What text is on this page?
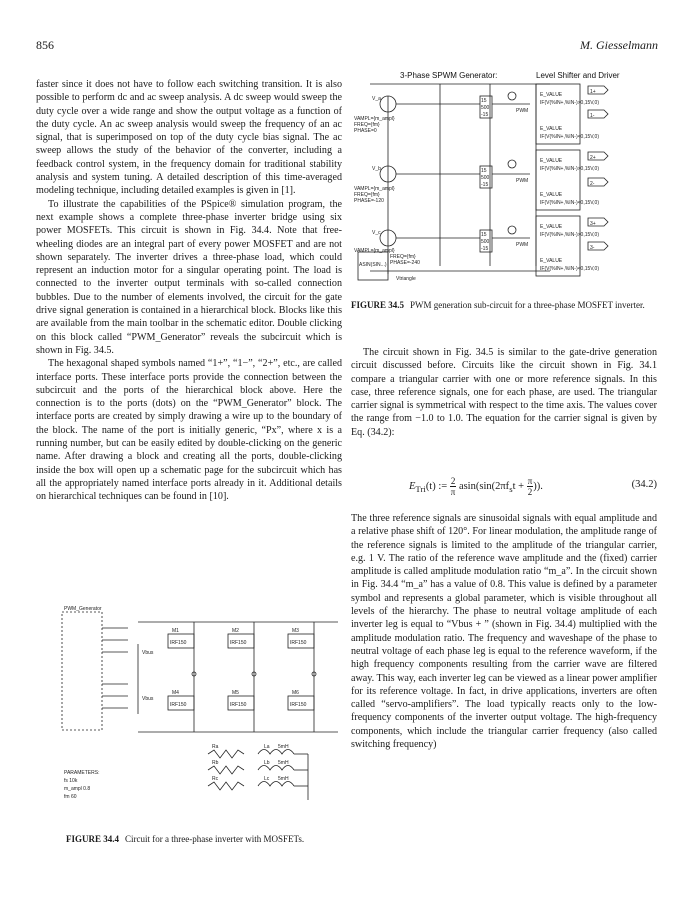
856	M. Giesselmann

faster since it does not have to follow each switching transition. It is also possible to perform dc and ac sweep analysis. A dc sweep would sweep the duty cycle over a wide range and show the output voltage as a function of the duty cycle. An ac sweep analysis would sweep the frequency of an ac signal, that is superimposed on top of the duty cycle bias signal. The ac sweep allows the study of the behavior of the converter, including a feedback control system, in the frequency domain for traditional stability analysis and system tuning. A detailed description of this time-averaged modeling technique, including detailed examples is given in [1].

To illustrate the capabilities of the PSpice® simulation program, the next example shows a complete three-phase inverter bridge using six power MOSFETs. This circuit is shown in Fig. 34.4. Note that free-wheeling diodes are an integral part of every power MOSFET and are not shown separately. The inverter drives a three-phase load, which could represent an induction motor for a singular operating point. The load is connected to the inverter output terminals with so-called connection bubbles. Due to the number of elements involved, the circuit for the gate drive signal generation is contained in a hierarchical block. Blocks like this are available from the main toolbar in the schematic editor. Double clicking on this block called “PWM_Generator” reveals the subcircuit which is shown in Fig. 34.5.

The hexagonal shaped symbols named “1+”, “1−”, “2+”, etc., are called interface ports. These interface ports provide the connection between the subcircuit and the ports of the hierarchical block above. Here the connection is to the ports (dots) on the “PWM_Generator” block. The interface ports are created by simply drawing a wire up to the boundary of the block. The name of the port is initially generic, “Px”, where x is a running number, but can be easily edited by double-clicking on the generic name. After drawing a block and creating all the ports, double-clicking inside the box will open up a schematic page for the subcircuit which has all the appropriately named interface ports already in it. Additional details on hierarchical techniques can be found in [10].

3-Phase SPWM Generator:	Level Shifter and Driver
V_a
VAMPL={m_ampl}
FREQ={fm}
PHASE=0
V_b
VAMPL={m_ampl}
FREQ={fm}
PHASE=-120
V_c
VAMPL={m_ampl}
FREQ={fm}
PHASE=-240
15
500
-15
15
500
-15
15
500
-15
PWM
PWM
PWM
1+
1-
2+
2-
3+
3-
E_VALUE
IF(V(%IN+,%IN-)>0,15V,0)
E_VALUE
IF(V(%IN+,%IN-)<0,15V,0)
E_VALUE
IF(V(%IN+,%IN-)>0,15V,0)
E_VALUE
IF(V(%IN+,%IN-)<0,15V,0)
E_VALUE
IF(V(%IN+,%IN-)>0,15V,0)
E_VALUE
IF(V(%IN+,%IN-)<0,15V,0)
Vtriangle
ASIN(SIN...)
FIGURE 34.5 PWM generation sub-circuit for a three-phase MOSFET inverter.

The circuit shown in Fig. 34.5 is similar to the gate-drive generation circuit discussed before. Circuits like the circuit shown in Fig. 34.1 compare a triangular carrier with one or more reference signals. In this case, three reference signals, one for each phase, are used. The triangular carrier signal is symmetrical with respect to the time axis. The values cover the range from −1.0 to 1.0. The equation for the carrier signal is given by Eq. (34.2):

$E_{Tri}(t)$ := $\frac{2}{\pi} asin(\sin(2\pi f_st + \frac{\pi}{2}))$.	(34.2)

The three reference signals are sinusoidal signals with equal amplitude and a relative phase shift of 120°. For linear modulation, the amplitude range of the reference signals is limited to the amplitude of the triangular carrier, e.g. 1 V. The ratio of the reference wave amplitude and the (fixed) carrier amplitude is called amplitude modulation ratio “m_a”. In the circuit shown in Fig. 34.4 “m_a” has a value of 0.8. This value is defined by a parameter symbol and represents a global parameter, which is visible throughout all levels of the hierarchy. The phase to neutral voltage amplitude of each inverter leg is equal to “Vbus + ” (shown in Fig. 34.4) multiplied with the amplitude modulation ratio. The frequency and waveshape of the phase to neutral voltage of each phase leg is equal to the reference waveform, if the high frequency components resulting from the carrier wave are filtered away. This way, each inverter leg can be viewed as a linear power amplifier for its reference voltage. In fact, in drive applications, inverters are often called “servo-amplifiers”. The load typically reacts only to the low-frequency components of the inverter output voltage. The high-frequency components, which include the triangular carrier frequency (also called switching frequency)

PWM_Generator
Vbus
Vbus
M1	M2	M3
M4	M5	M6
IRF150	IRF150	IRF150
IRF150	IRF150	IRF150
PARAMETERS:
fs 10k
m_ampl 0.8
fm 60
Ra
Rb
Rc
La
Lb
Lc
5mH
5mH
5mH
FIGURE 34.4 Circuit for a three-phase inverter with MOSFETs.
